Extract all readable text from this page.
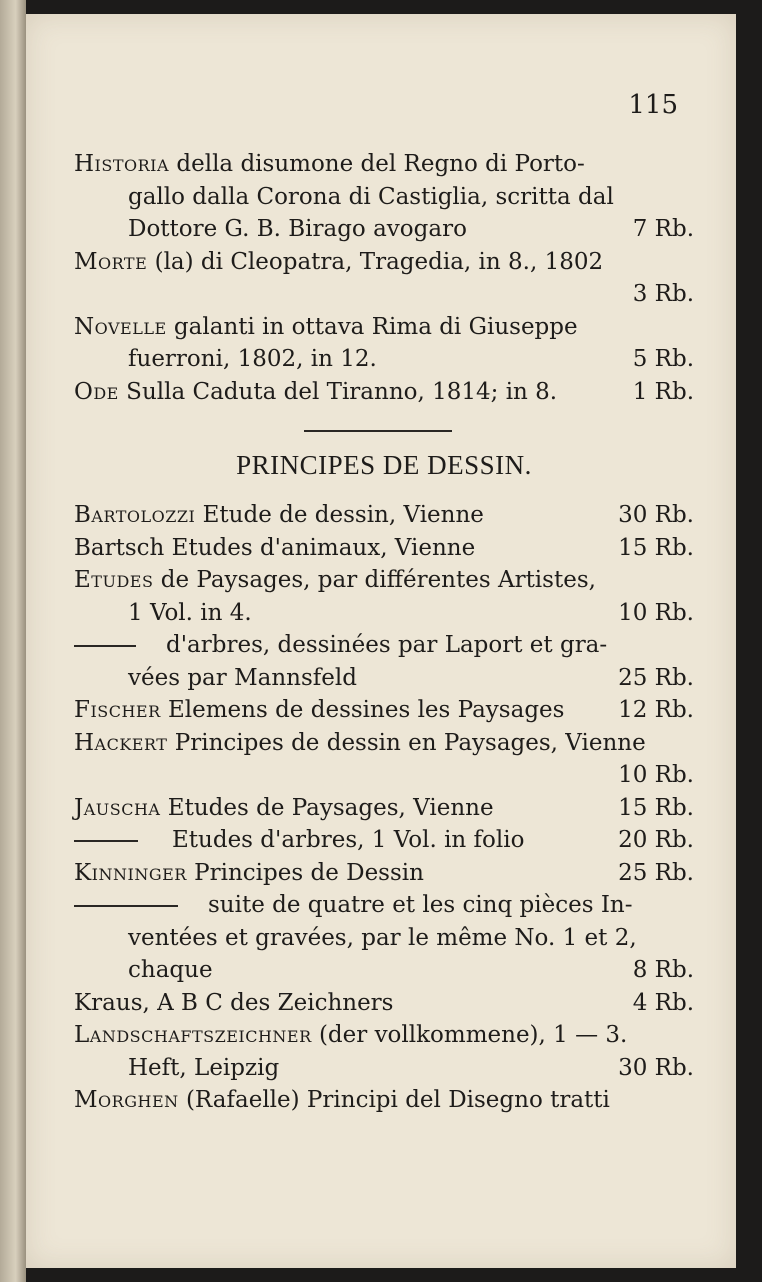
115
Historia della disumone del Regno di Porto-
gallo dalla Corona di Castiglia, scritta dal
Dottore G. B. Birago avogaro	7 Rb.
Morte (la) di Cleopatra, Tragedia, in 8., 1802
3 Rb.
Novelle galanti in ottava Rima di Giuseppe
fuerroni, 1802, in 12.	5 Rb.
Ode Sulla Caduta del Tiranno, 1814; in 8.	1 Rb.
PRINCIPES DE DESSIN.
Bartolozzi Etude de dessin, Vienne	30 Rb.
Bartsch Etudes d'animaux, Vienne	15 Rb.
Etudes de Paysages, par différentes Artistes,
1 Vol. in 4.	10 Rb.
d'arbres, dessinées par Laport et gra-
vées par Mannsfeld	25 Rb.
Fischer Elemens de dessines les Paysages 12 Rb.
Hackert Principes de dessin en Paysages, Vienne
10 Rb.
Jauscha Etudes de Paysages, Vienne	15 Rb.
Etudes d'arbres, 1 Vol. in folio	20 Rb.
Kinninger Principes de Dessin	25 Rb.
suite de quatre et les cinq pièces In-
ventées et gravées, par le même No. 1 et 2,
chaque	8 Rb.
Kraus, A B C des Zeichners	4 Rb.
Landschaftszeichner (der vollkommene), 1 — 3.
Heft, Leipzig	30 Rb.
Morghen (Rafaelle) Principi del Disegno tratti
